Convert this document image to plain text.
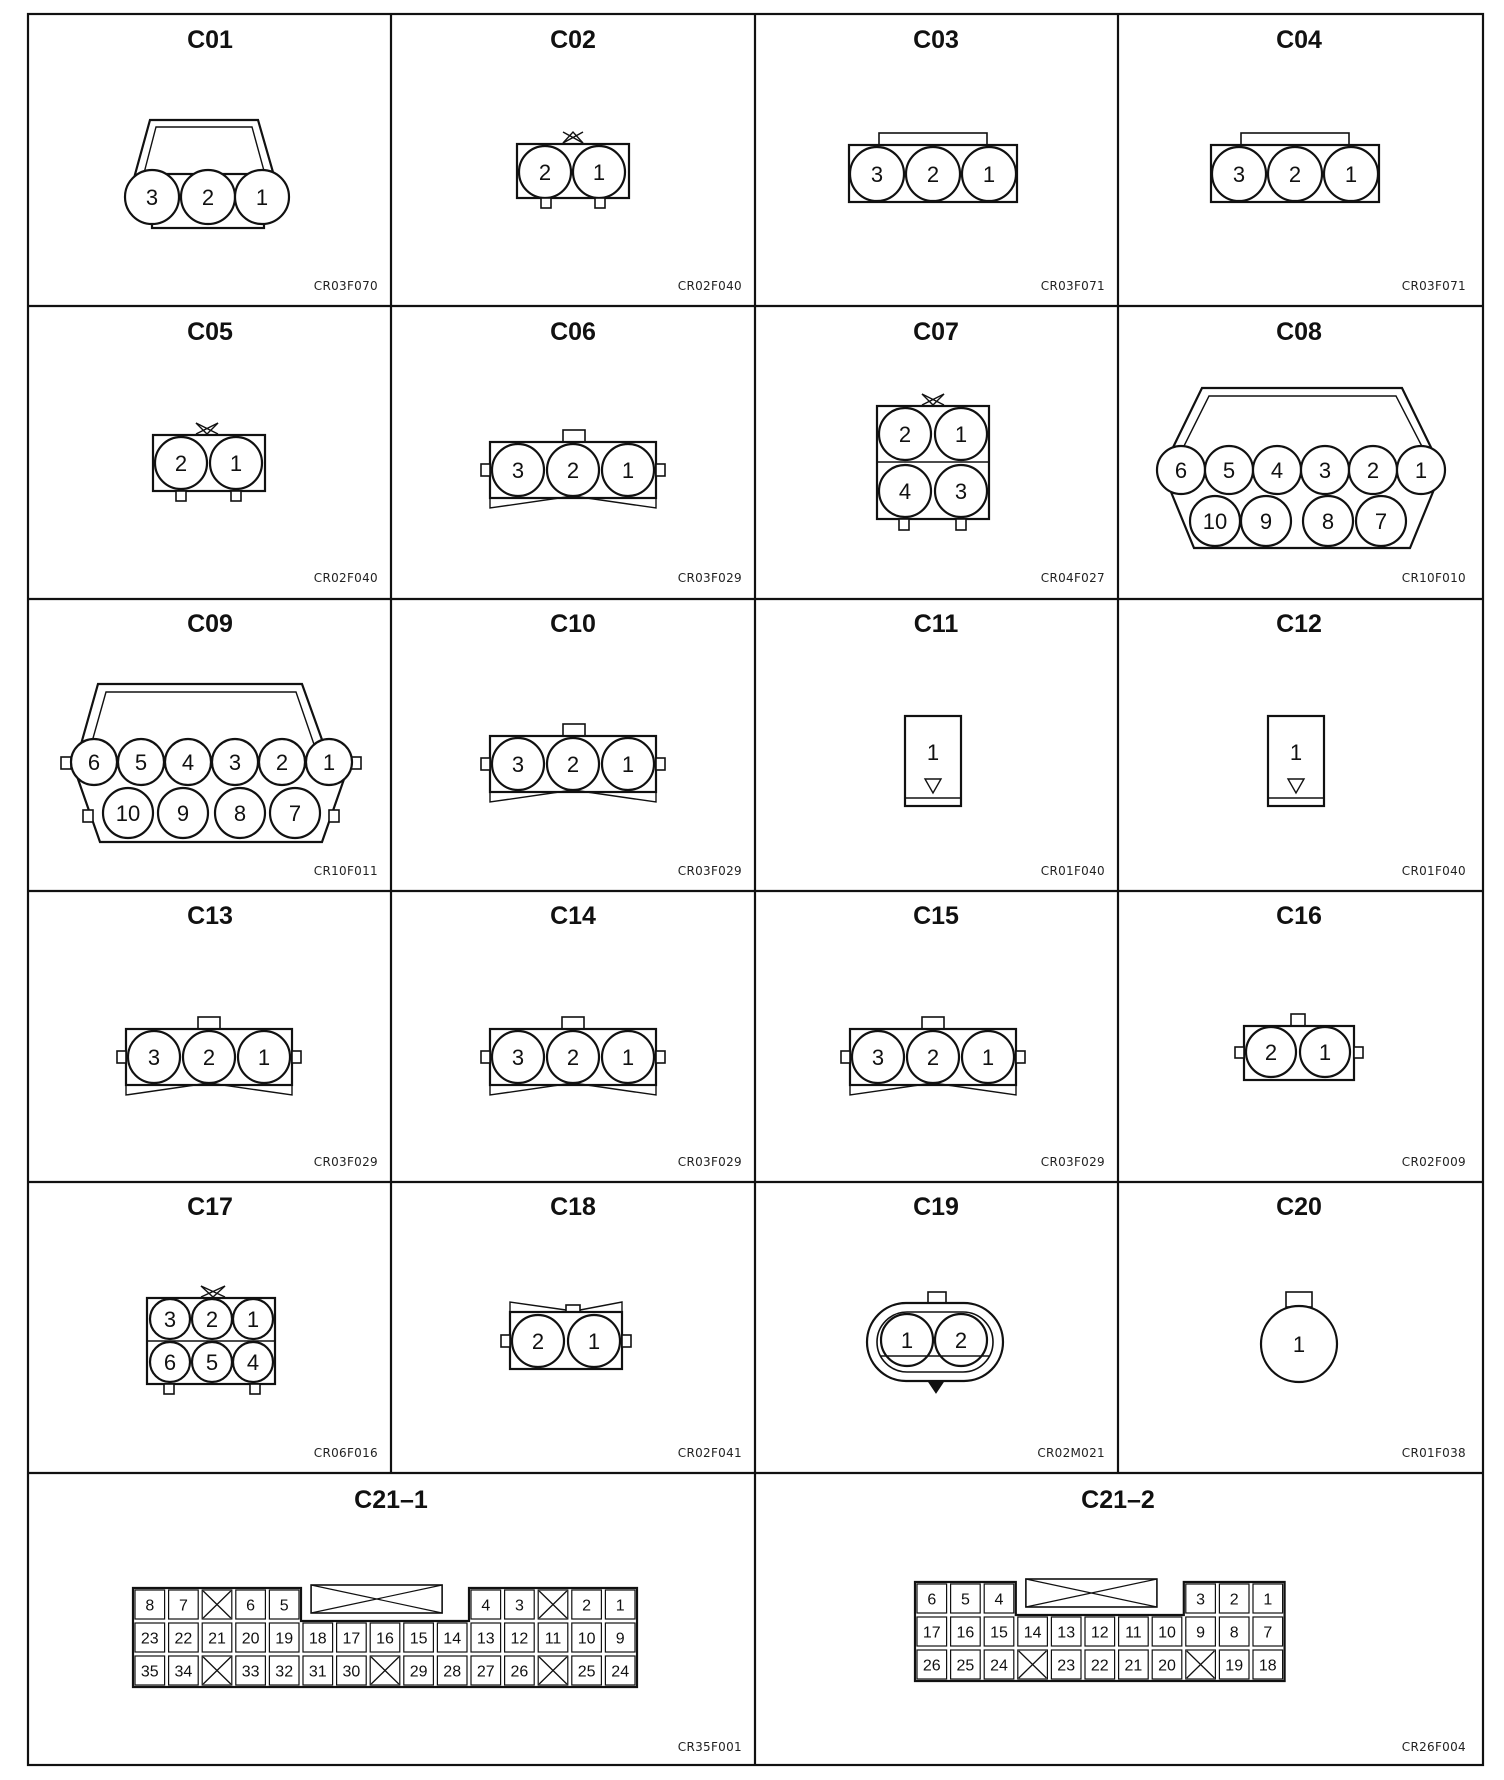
C01
3 2 1
CR03F070
C02
2 1
CR02F040
C03
3 2 1
CR03F071
C04
3 2 1
CR03F071
C05
2 1
CR02F040
C06
3 2 1
CR03F029
C07
2 1
4 3
CR04F027
C08
6 5 4 3 2 1
10 9 8 7
CR10F010
C09
6 5 4 3 2 1
10 9 8 7
CR10F011
C10
3 2 1
CR03F029
C11
1
CR01F040
C12
1
CR01F040
C13
3 2 1
CR03F029
C14
3 2 1
CR03F029
C15
3 2 1
CR03F029
C16
2 1
CR02F009
C17
3 2 1
6 5 4
CR06F016
C18
2 1
CR02F041
C19
1 2
CR02M021
C20
1
CR01F038
C21–1
8 7	6 5	4 3	2 1
23 22 21 20 19 18 17 16 15 14 13 12 11 10 9
35 34	33 32 31 30	29 28 27 26	25 24
CR35F001
C21–2
6 5 4	3 2 1
17 16 15 14 13 12 11 10 9 8 7
26 25 24	23 22 21 20	19 18
CR26F004
